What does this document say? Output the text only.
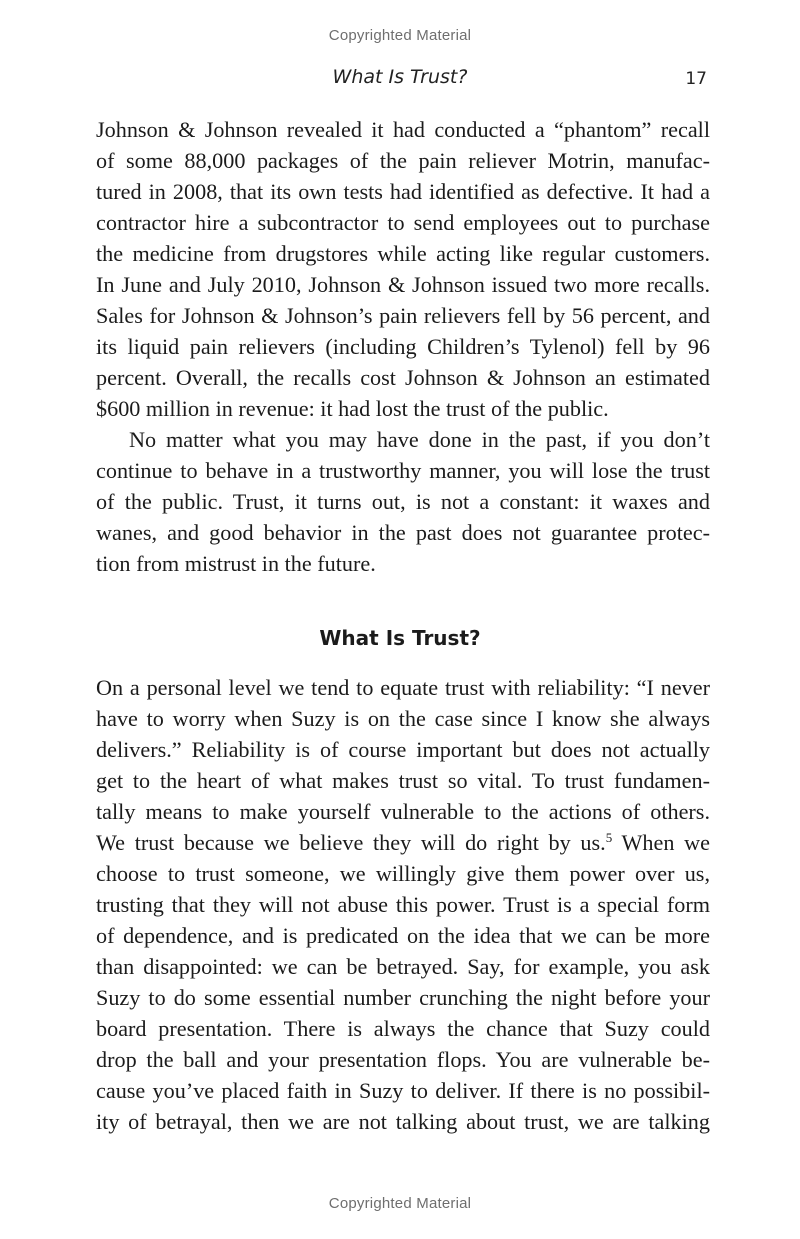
Copyrighted Material
What Is Trust?	17
Johnson & Johnson revealed it had conducted a “phantom” recall
of some 88,000 packages of the pain reliever Motrin, manufac-
tured in 2008, that its own tests had identified as defective. It had a
contractor hire a subcontractor to send employees out to purchase
the medicine from drugstores while acting like regular customers.
In June and July 2010, Johnson & Johnson issued two more recalls.
Sales for Johnson & Johnson’s pain relievers fell by 56 percent, and
its liquid pain relievers (including Children’s Tylenol) fell by 96
percent. Overall, the recalls cost Johnson & Johnson an estimated
$600 million in revenue: it had lost the trust of the public.
No matter what you may have done in the past, if you don’t
continue to behave in a trustworthy manner, you will lose the trust
of the public. Trust, it turns out, is not a constant: it waxes and
wanes, and good behavior in the past does not guarantee protec-
tion from mistrust in the future.
What Is Trust?
On a personal level we tend to equate trust with reliability: “I never
have to worry when Suzy is on the case since I know she always
delivers.” Reliability is of course important but does not actually
get to the heart of what makes trust so vital. To trust fundamen-
tally means to make yourself vulnerable to the actions of others.
We trust because we believe they will do right by us.$^5$ When we
choose to trust someone, we willingly give them power over us,
trusting that they will not abuse this power. Trust is a special form
of dependence, and is predicated on the idea that we can be more
than disappointed: we can be betrayed. Say, for example, you ask
Suzy to do some essential number crunching the night before your
board presentation. There is always the chance that Suzy could
drop the ball and your presentation flops. You are vulnerable be-
cause you’ve placed faith in Suzy to deliver. If there is no possibil-
ity of betrayal, then we are not talking about trust, we are talking
Copyrighted Material
